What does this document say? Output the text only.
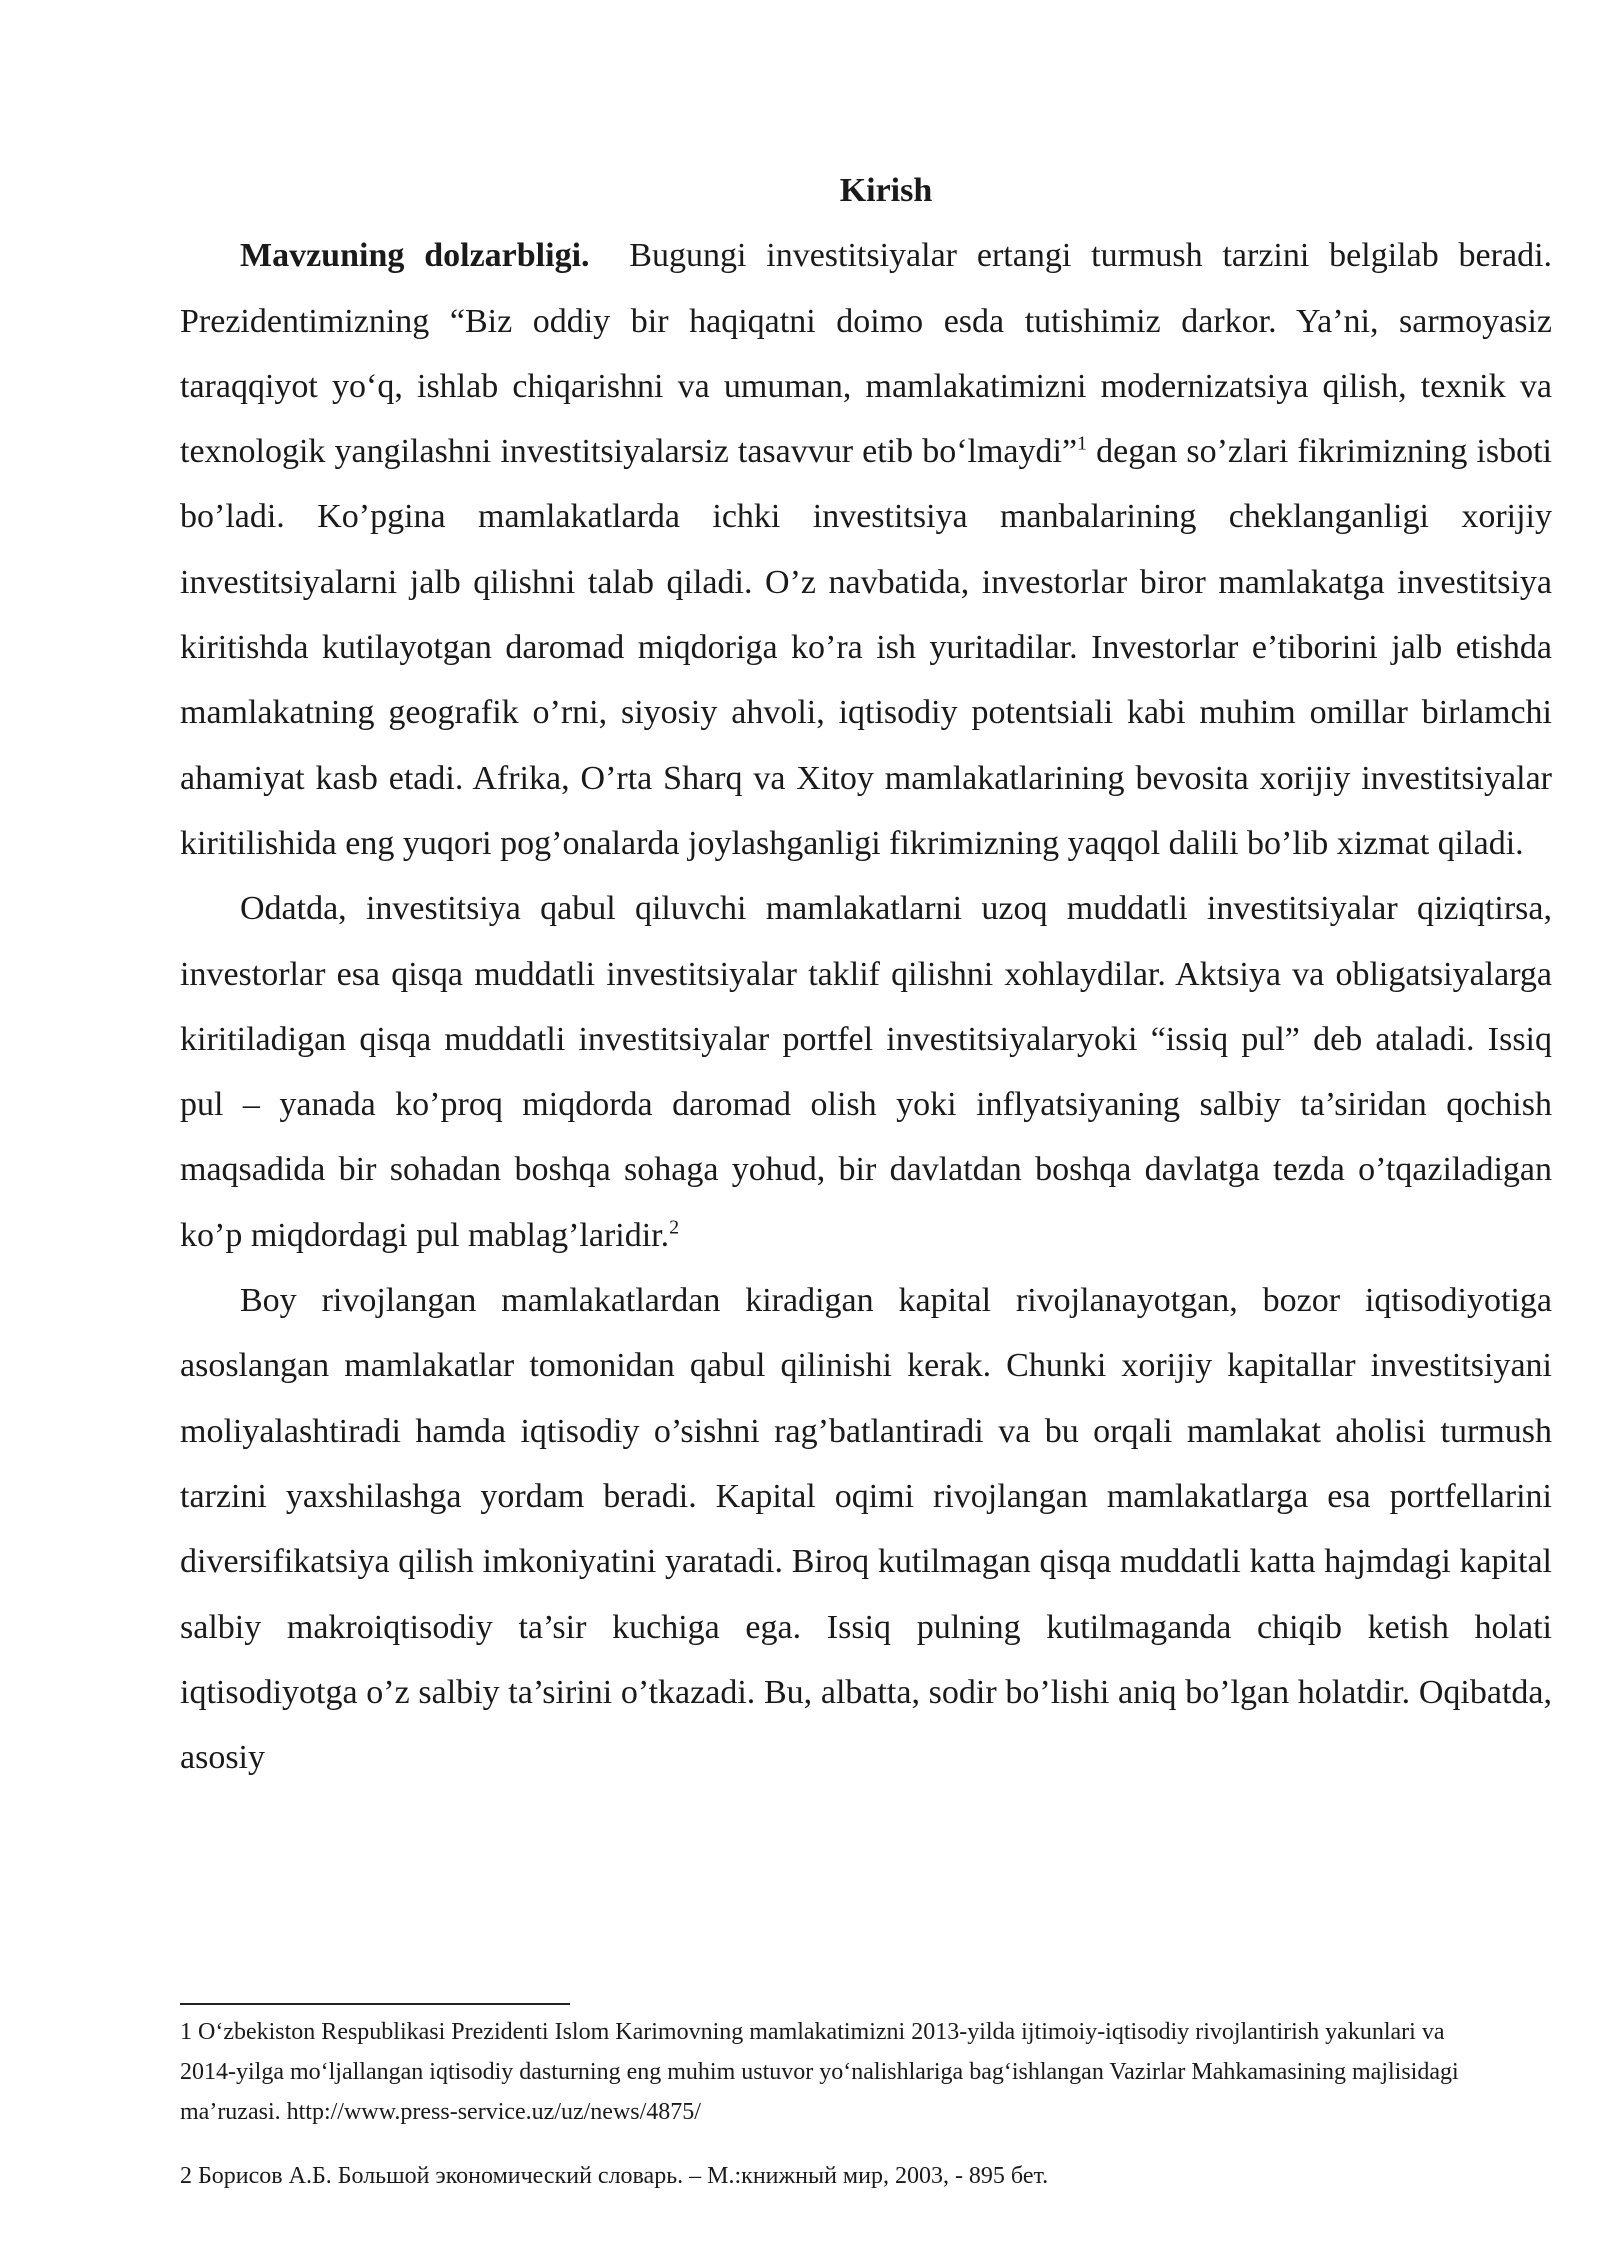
Kirish

Mavzuning dolzarbligi. Bugungi investitsiyalar ertangi turmush tarzini belgilab beradi. Prezidentimizning “Biz oddiy bir haqiqatni doimo esda tutishimiz darkor. Ya’ni, sarmoyasiz taraqqiyot yo‘q, ishlab chiqarishni va umuman, mamlakatimizni modernizatsiya qilish, texnik va texnologik yangilashni investitsiyalarsiz tasavvur etib bo‘lmaydi”$^1$ degan so’zlari fikrimizning isboti bo’ladi. Ko’pgina mamlakatlarda ichki investitsiya manbalarining cheklanganligi xorijiy investitsiyalarni jalb qilishni talab qiladi. O’z navbatida, investorlar biror mamlakatga investitsiya kiritishda kutilayotgan daromad miqdoriga ko’ra ish yuritadilar. Investorlar e’tiborini jalb etishda mamlakatning geografik o’rni, siyosiy ahvoli, iqtisodiy potentsiali kabi muhim omillar birlamchi ahamiyat kasb etadi. Afrika, O’rta Sharq va Xitoy mamlakatlarining bevosita xorijiy investitsiyalar kiritilishida eng yuqori pog’onalarda joylashganligi fikrimizning yaqqol dalili bo’lib xizmat qiladi.

Odatda, investitsiya qabul qiluvchi mamlakatlarni uzoq muddatli investitsiyalar qiziqtirsa, investorlar esa qisqa muddatli investitsiyalar taklif qilishni xohlaydilar. Aktsiya va obligatsiyalarga kiritiladigan qisqa muddatli investitsiyalar portfel investitsiyalaryoki “issiq pul” deb ataladi. Issiq pul – yanada ko’proq miqdorda daromad olish yoki inflyatsiyaning salbiy ta’siridan qochish maqsadida bir sohadan boshqa sohaga yohud, bir davlatdan boshqa davlatga tezda o’tqaziladigan ko’p miqdordagi pul mablag’laridir.$^2$

Boy rivojlangan mamlakatlardan kiradigan kapital rivojlanayotgan, bozor iqtisodiyotiga asoslangan mamlakatlar tomonidan qabul qilinishi kerak. Chunki xorijiy kapitallar investitsiyani moliyalashtiradi hamda iqtisodiy o’sishni rag’batlantiradi va bu orqali mamlakat aholisi turmush tarzini yaxshilashga yordam beradi. Kapital oqimi rivojlangan mamlakatlarga esa portfellarini diversifikatsiya qilish imkoniyatini yaratadi. Biroq kutilmagan qisqa muddatli katta hajmdagi kapital salbiy makroiqtisodiy ta’sir kuchiga ega. Issiq pulning kutilmaganda chiqib ketish holati iqtisodiyotga o’z salbiy ta’sirini o’tkazadi. Bu, albatta, sodir bo’lishi aniq bo’lgan holatdir. Oqibatda, asosiy

1 O‘zbekiston Respublikasi Prezidenti Islom Karimovning mamlakatimizni 2013-yilda ijtimoiy-iqtisodiy rivojlantirish yakunlari va 2014-yilga mo‘ljallangan iqtisodiy dasturning eng muhim ustuvor yo‘nalishlariga bag‘ishlangan Vazirlar Mahkamasining majlisidagi ma’ruzasi. http://www.press-service.uz/uz/news/4875/

2 Борисов А.Б. Большой экономический словарь. – М.:книжный мир, 2003, - 895 бет.
